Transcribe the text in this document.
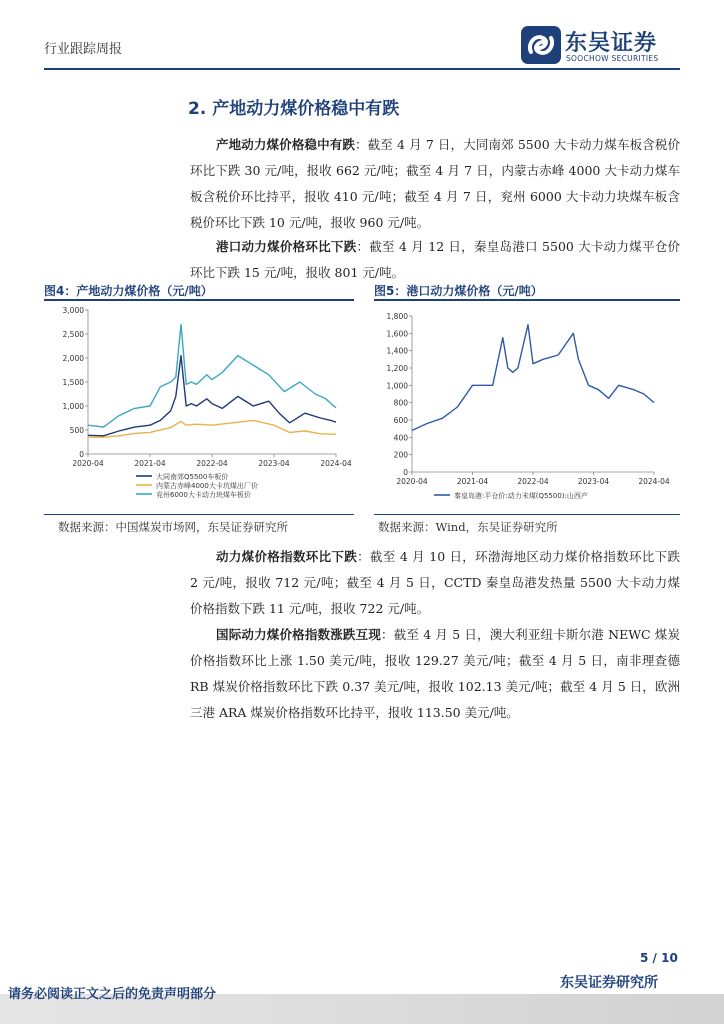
行业跟踪周报	东吴证券
SOOCHOW SECURITIES
2. 产地动力煤价格稳中有跌
产地动力煤价格稳中有跌：截至 4 月 7 日，大同南郊 5500 大卡动力煤车板含税价环比下跌 30 元/吨，报收 662 元/吨；截至 4 月 7 日，内蒙古赤峰 4000 大卡动力煤车板含税价环比持平，报收 410 元/吨；截至 4 月 7 日，兖州 6000 大卡动力块煤车板含税价环比下跌 10 元/吨，报收 960 元/吨。
港口动力煤价格环比下跌：截至 4 月 12 日，秦皇岛港口 5500 大卡动力煤平仓价环比下跌 15 元/吨，报收 801 元/吨。
图4：产地动力煤价格（元/吨）
0
500
1,000
1,500
2,000
2,500
3,000
2020-04	2021-04	2022-04	2023-04	2024-04
大同南郊Q5500车板价
内蒙古赤峰4000大卡坑煤出厂价
兖州6000大卡动力块煤车板价
数据来源：中国煤炭市场网，东吴证券研究所
图5：港口动力煤价格（元/吨）
0
200
400
600
800
1,000
1,200
1,400
1,600
1,800
2020-04	2021-04	2022-04	2023-04	2024-04
秦皇岛港:平仓价:动力末煤(Q5500):山西产
数据来源：Wind，东吴证券研究所
动力煤价格指数环比下跌：截至 4 月 10 日，环渤海地区动力煤价格指数环比下跌 2 元/吨，报收 712 元/吨；截至 4 月 5 日，CCTD 秦皇岛港发热量 5500 大卡动力煤价格指数下跌 11 元/吨，报收 722 元/吨。
国际动力煤价格指数涨跌互现：截至 4 月 5 日，澳大利亚纽卡斯尔港 NEWC 煤炭价格指数环比上涨 1.50 美元/吨，报收 129.27 美元/吨；截至 4 月 5 日，南非理查德 RB 煤炭价格指数环比下跌 0.37 美元/吨，报收 102.13 美元/吨；截至 4 月 5 日，欧洲三港 ARA 煤炭价格指数环比持平，报收 113.50 美元/吨。
5 / 10
东吴证券研究所
请务必阅读正文之后的免责声明部分
